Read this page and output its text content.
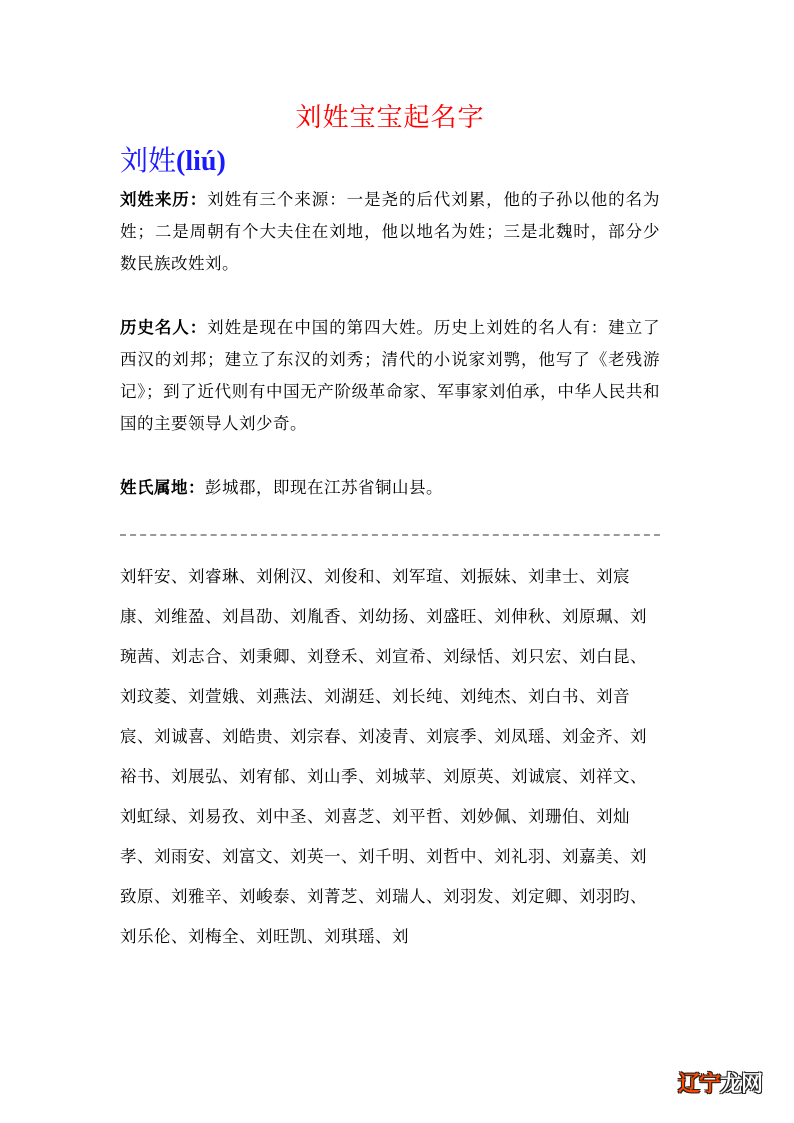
刘姓宝宝起名字
刘姓(liú)

刘姓来历：刘姓有三个来源：一是尧的后代刘累，他的子孙以他的名为姓；二是周朝有个大夫住在刘地，他以地名为姓；三是北魏时，部分少数民族改姓刘。

历史名人：刘姓是现在中国的第四大姓。历史上刘姓的名人有：建立了西汉的刘邦；建立了东汉的刘秀；清代的小说家刘鹗，他写了《老残游记》；到了近代则有中国无产阶级革命家、军事家刘伯承，中华人民共和国的主要领导人刘少奇。

姓氏属地：彭城郡，即现在江苏省铜山县。

刘轩安、刘睿琳、刘俐汉、刘俊和、刘军瑄、刘振妹、刘聿士、刘宸康、刘维盈、刘昌劭、刘胤香、刘幼扬、刘盛旺、刘伸秋、刘原珮、刘琬茜、刘志合、刘秉卿、刘登禾、刘宣希、刘绿恬、刘只宏、刘白昆、刘玟菱、刘萱娥、刘燕法、刘湖廷、刘长纯、刘纯杰、刘白书、刘音宸、刘诚喜、刘皓贵、刘宗春、刘凌青、刘宸季、刘凤瑶、刘金齐、刘裕书、刘展弘、刘宥郁、刘山季、刘城苹、刘原英、刘诚宸、刘祥文、刘虹绿、刘易孜、刘中圣、刘喜芝、刘平哲、刘妙佩、刘珊伯、刘灿孝、刘雨安、刘富文、刘英一、刘千明、刘哲中、刘礼羽、刘嘉美、刘致原、刘雅辛、刘峻泰、刘菁芝、刘瑞人、刘羽发、刘定卿、刘羽昀、刘乐伦、刘梅全、刘旺凯、刘琪瑶、刘

辽宁龙网
